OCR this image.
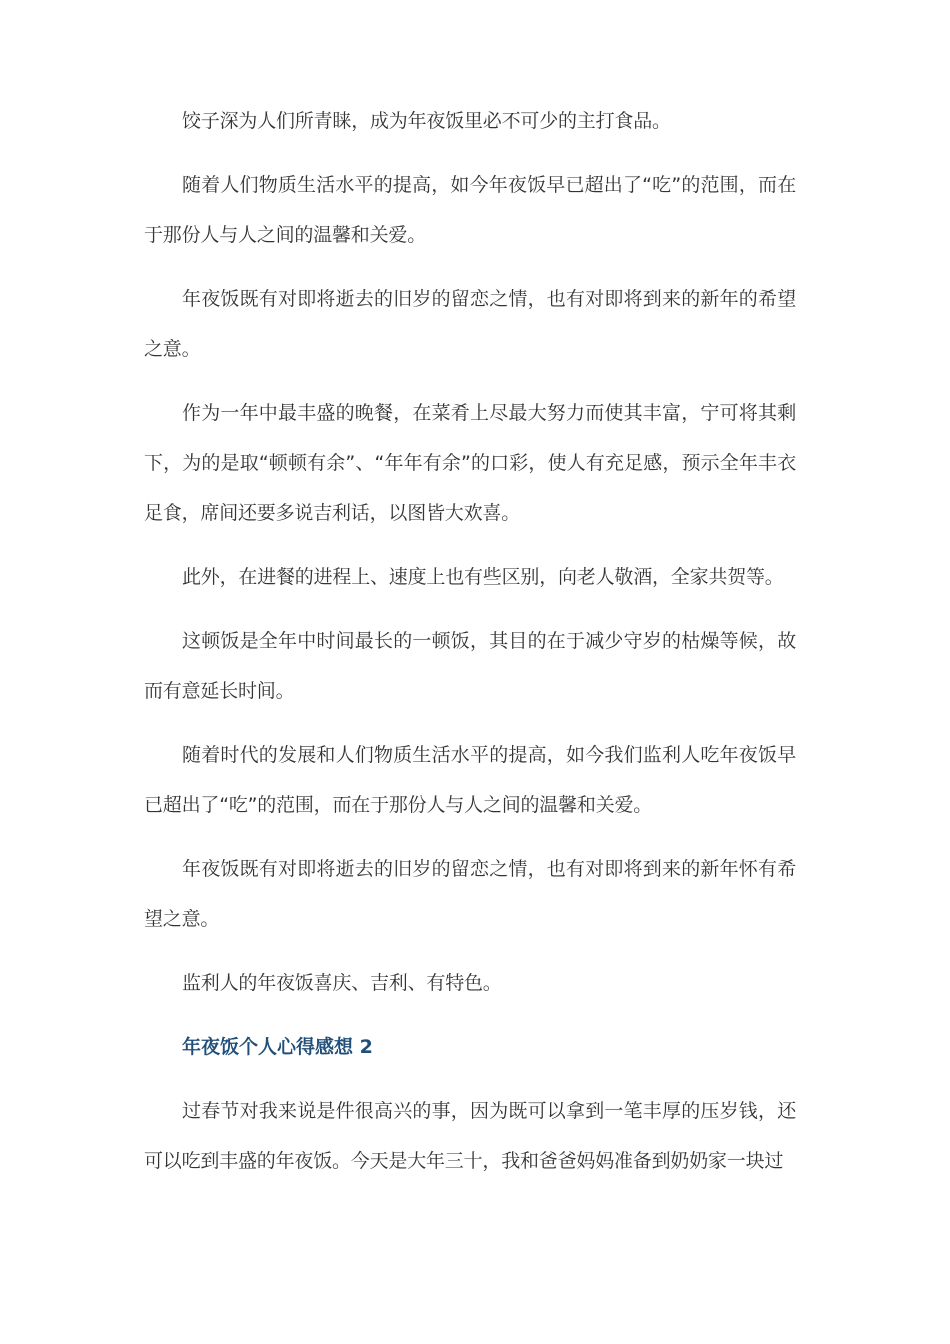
饺子深为人们所青睐，成为年夜饭里必不可少的主打食品。

随着人们物质生活水平的提高，如今年夜饭早已超出了“吃”的范围，而在于那份人与人之间的温馨和关爱。

年夜饭既有对即将逝去的旧岁的留恋之情，也有对即将到来的新年的希望之意。

作为一年中最丰盛的晚餐，在菜肴上尽最大努力而使其丰富，宁可将其剩下，为的是取“顿顿有余”、“年年有余”的口彩，使人有充足感，预示全年丰衣足食，席间还要多说吉利话，以图皆大欢喜。

此外，在进餐的进程上、速度上也有些区别，向老人敬酒，全家共贺等。

这顿饭是全年中时间最长的一顿饭，其目的在于减少守岁的枯燥等候，故而有意延长时间。

随着时代的发展和人们物质生活水平的提高，如今我们监利人吃年夜饭早已超出了“吃”的范围，而在于那份人与人之间的温馨和关爱。

年夜饭既有对即将逝去的旧岁的留恋之情，也有对即将到来的新年怀有希望之意。

监利人的年夜饭喜庆、吉利、有特色。

年夜饭个人心得感想 2

过春节对我来说是件很高兴的事，因为既可以拿到一笔丰厚的压岁钱，还可以吃到丰盛的年夜饭。今天是大年三十，我和爸爸妈妈准备到奶奶家一块过
